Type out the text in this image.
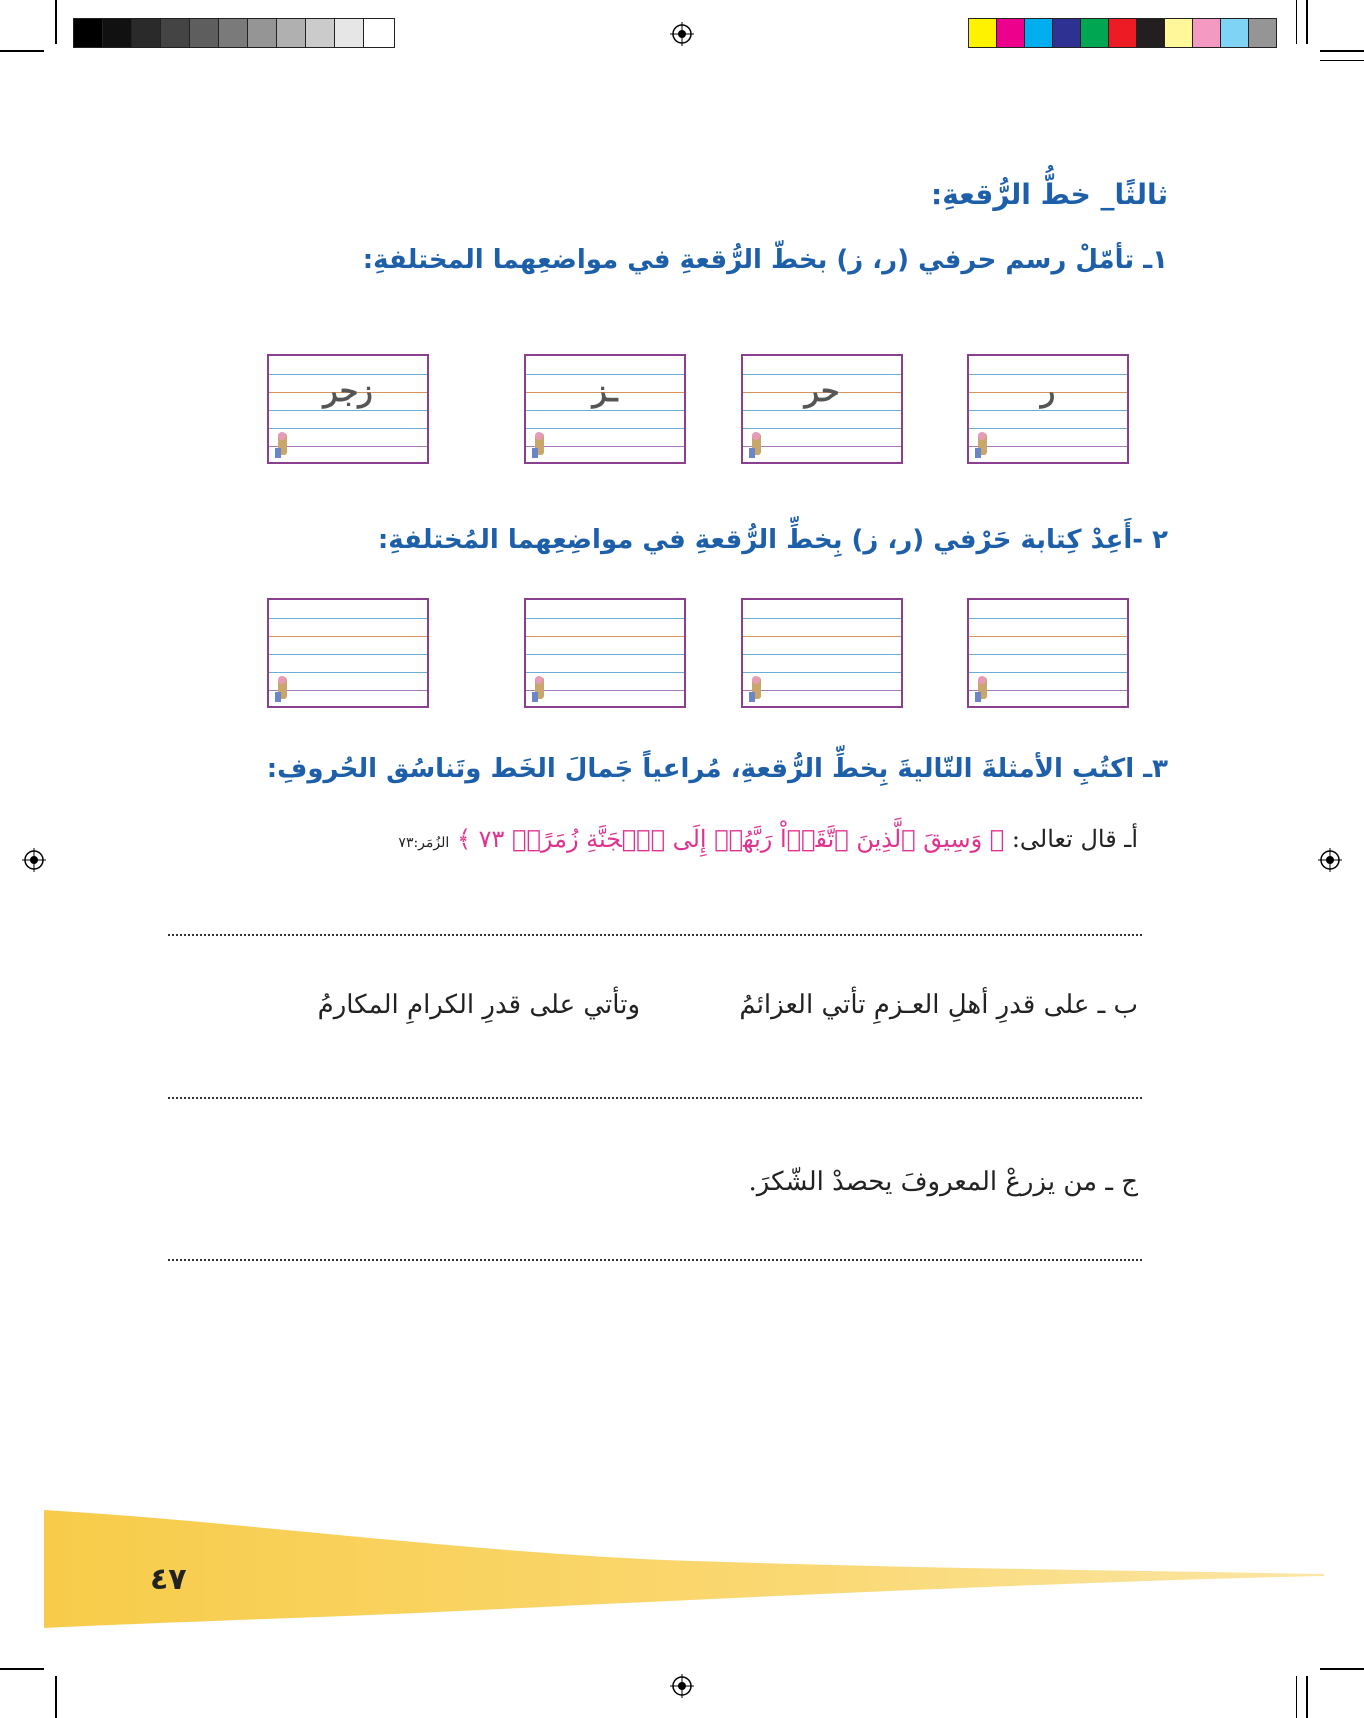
ثالثًا_ خطُّ الرُّقعةِ:
١ـ تأمّلْ رسم حرفي (ر، ز) بخطّ الرُّقعةِ في مواضعِهما المختلفةِ:
ر
حر
ـز
زجر
٢ -أَعِدْ كِتابة حَرْفي (ر، ز) بِخطِّ الرُّقعةِ في مواضِعِهما المُختلفةِ:
٣ـ اكتُبِ الأمثلةَ التّاليةَ بِخطِّ الرُّقعةِ، مُراعياً جَمالَ الخَط وتَناسُق الحُروفِ:
أـ قال تعالى: ﴿ وَسِيقَ ٱلَّذِينَ ٱتَّقَوۡاْ رَبَّهُمۡ إِلَى ٱلۡجَنَّةِ زُمَرًاۚ ٧٣ ﴾ الزُمَر:٧٣
ب ـ على قدرِ أهلِ العـزمِ تأتي العزائمُ
وتأتي على قدرِ الكرامِ المكارمُ
ج ـ من يزرعْ المعروفَ يحصدْ الشّكرَ.
٤٧
